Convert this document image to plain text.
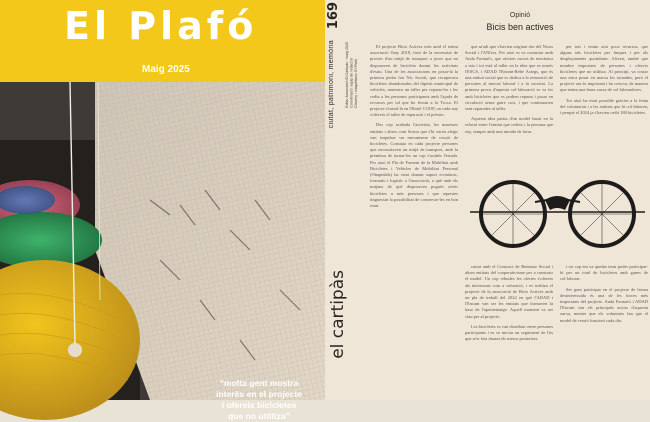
El Plafó
Maig 2025
“molta gent mostra
interès en el projecte
i ofereix bicicletes
que no utilitza”
169
ciutat, patrimoni, memòria
el cartipàs
Edita: Associació El Cartipàs · maig 2025 Coordinació: equip de redacció Disseny i maquetació: El Plafó
Opinió
Bicis ben actives

El projecte Bicis Actives més anid el tenim associació l'any 2018, fruit de la necessitat de proveir d'un mitjà de transport a joves que no disposaven de bicicleta durant les activitats d'estiu. Una de les associacions en posar-la la primera pedra fou Nic Social, que recuperava bicicletes abandonades del dipòsit municipal de vehicles, muntava un taller per reparar-les i les cedia a les persones participants amb l'ajuda de recursos per tal que ho fessin a la Troca. El projecte s'instal·là en l'Hotel COOP, on cada any s'ofereix el taller de reparació i el préstec.

Des cop acabada l'activitat, les mateixes entitats i altres com Sostra que s'hi varen afegir van impulsar un mecanisme de cessió de bicicletes. Constata en cada projecte persones que necessitaven un mitjà de transport, amb la premissa de tornar-les un cop s'acabés l'estada. Per això el Pla de Foment de la Mobilitat amb Bicicletes i Vehicles de Mobilitat Personal (Onapedals) ha estat donant suport econòmic, formatiu i logístic a l'associació, a què amb els mitjans de què disposaven pogués oferir bicicletes a més persones i que aquestes tinguessin la possibilitat de conservar-les en bon estat.

que m'adi que s'havien originat des del Nicus Social i l'ANGes. Per això es va contactar amb Anda Format's, que oferien cursos de mecànica a tots i tot està al taller on la idea que es tornés l'ESCS, i ADAD l'Encant-Rebe Asiegs, que és una entitat social que es dedica a la reinserció de persones al mercat laboral i a la societat. La primera prova d'aquesta col·laboració es va fer amb bicicletes que es podien reparar i posar en circulació sense gaire cost, i que continuarien sent reparades al taller.

Aquesta idea partia d'un model basat en la relació entre l'entitat que cedeix i la persona que rep, sempre amb una mirada de futur.

per tots i tenim aixi poca recursos, que alguns tals bicicletes per finques i per als desplaçaments quotidians. Afixen, també que nombre important de persones i ofereix bicicletes que no utilitza. Al principi, va costar una mica posar en marxa les tornades, però el projecte ara és important i ha crescut, de manera que tenim una bona xarxa de col·laboradores.

Tot això ha estat possible gràcies a la feina del voluntariat i a les entitats que hi col·laboren, i perquè el 2024 ja s'havien cedit 180 bicicletes.

cuitat amb el Consorci de Benestar Social i altres entitats del cooperativisme per a construir el model. Un cop rebudes les ofertes s'ofereix als interessats com a valoració, i es realitza el projecte de la associació de Bicis Actives amb un pla de treball del 2022 en què l'ADAD i l'Encant van ser les entitats que formaven la base de l'aprenentatge. Aquell moment va ser clau per al projecte.

Les bicicletes es van distribuir entre persones participants i es va iniciar un seguiment de l'ús que se'n feia durant els mesos posteriors.

i tot cop em va quedar tenir poder participar-hi per un total de bicicletes amb ganes de col·laborar.

Ser gent participar en el projecte de forma desinteressada és una de les forces més importants del projecte. Anda Format's i ADAD l'Encant són els principals actors d'aquesta xarxa, mentre que els voluntaris fan que el model de cessió funcioni cada dia.
